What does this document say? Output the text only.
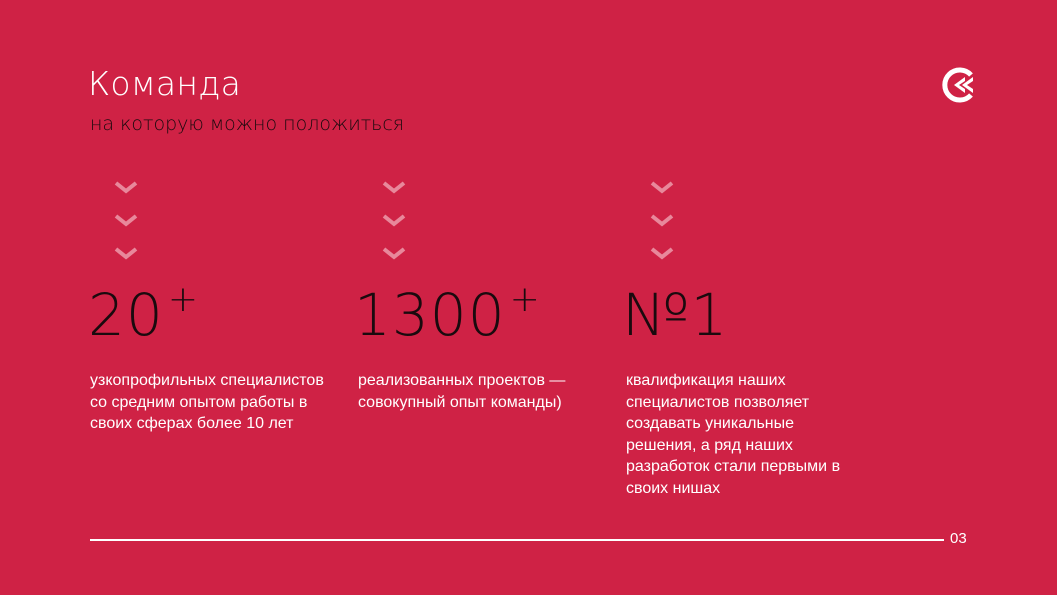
Команда
на которую можно положиться
20 +
узкопрофильных специалистов со средним опытом работы в своих сферах более 10 лет
1300 +
реализованных проектов — совокупный опыт команды)
№1
квалификация наших специалистов позволяет создавать уникальные решения, а ряд наших разработок стали первыми в своих нишах
03
